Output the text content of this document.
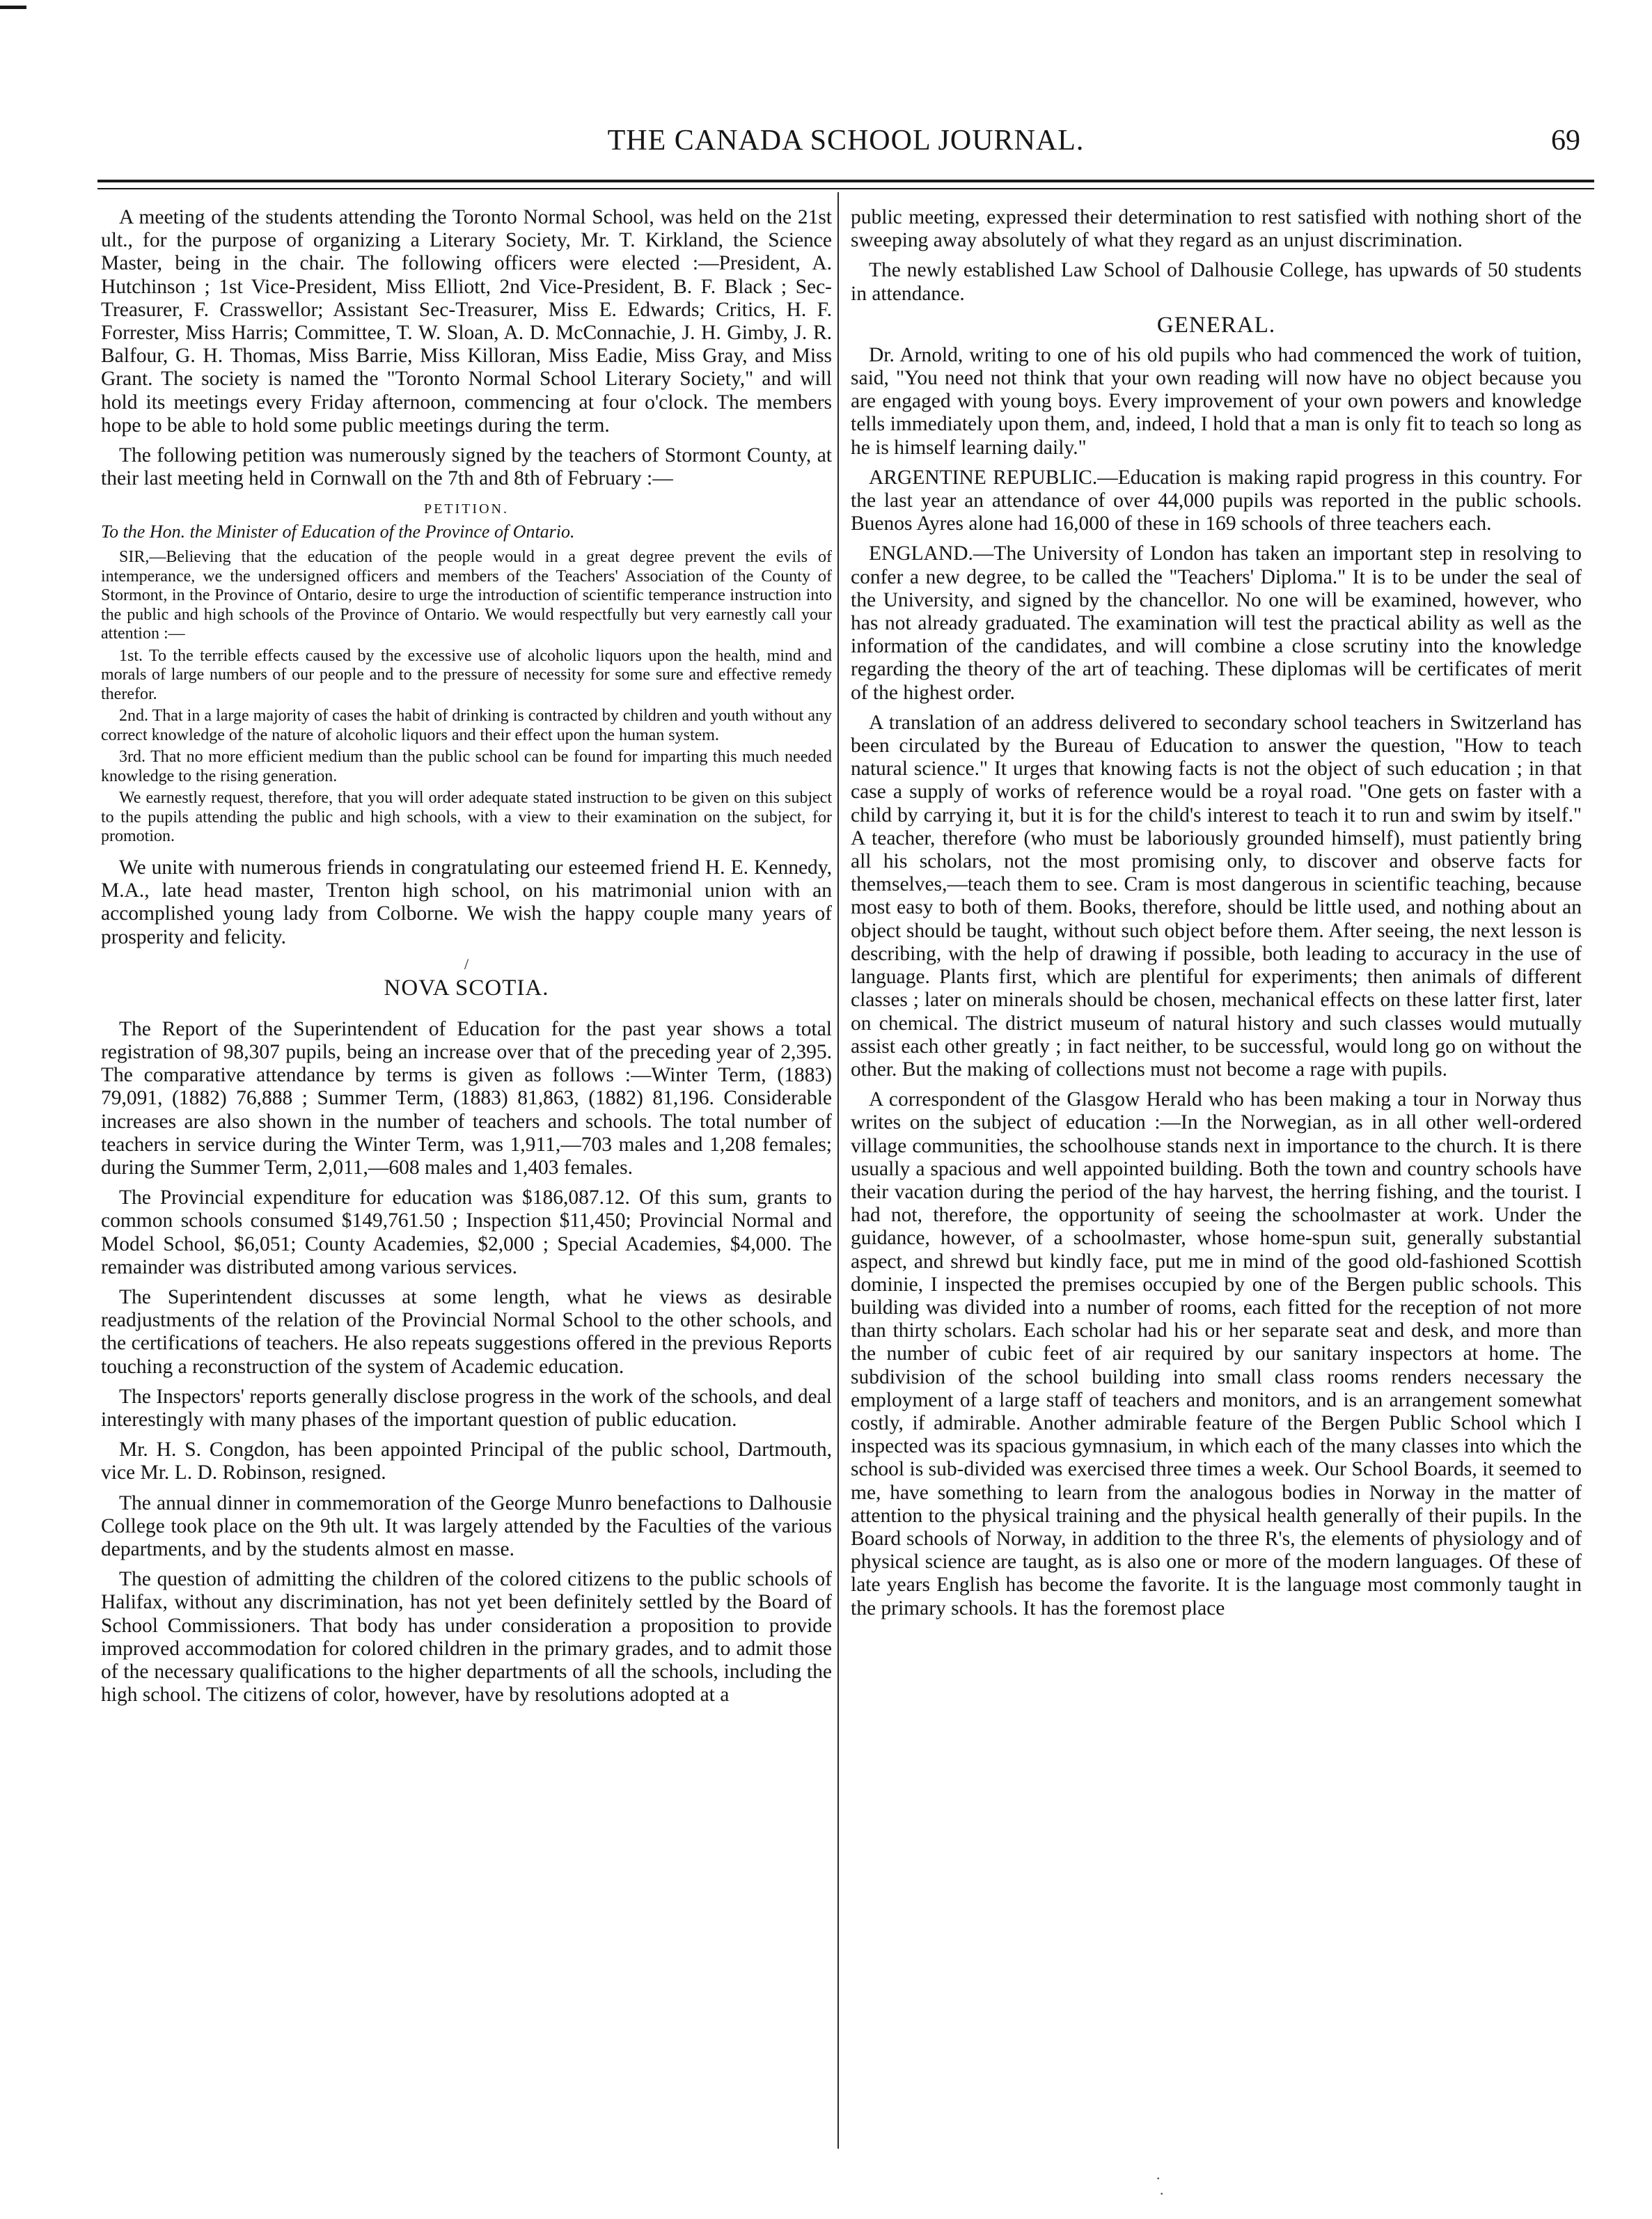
THE CANADA SCHOOL JOURNAL.	69

A meeting of the students attending the Toronto Normal School, was held on the 21st ult., for the purpose of organizing a Literary Society, Mr. T. Kirkland, the Science Master, being in the chair. The following officers were elected :—President, A. Hutchinson ; 1st Vice-President, Miss Elliott, 2nd Vice-President, B. F. Black ; Sec-Treasurer, F. Crasswellor; Assistant Sec-Treasurer, Miss E. Edwards; Critics, H. F. Forrester, Miss Harris; Committee, T. W. Sloan, A. D. McConnachie, J. H. Gimby, J. R. Balfour, G. H. Thomas, Miss Barrie, Miss Killoran, Miss Eadie, Miss Gray, and Miss Grant. The society is named the "Toronto Normal School Literary Society," and will hold its meetings every Friday afternoon, commencing at four o'clock. The members hope to be able to hold some public meetings during the term.

The following petition was numerously signed by the teachers of Stormont County, at their last meeting held in Cornwall on the 7th and 8th of February :—

PETITION.

To the Hon. the Minister of Education of the Province of Ontario.

SIR,—Believing that the education of the people would in a great degree prevent the evils of intemperance, we the undersigned officers and members of the Teachers' Association of the County of Stormont, in the Province of Ontario, desire to urge the introduction of scientific temperance instruction into the public and high schools of the Province of Ontario. We would respectfully but very earnestly call your attention :—

1st. To the terrible effects caused by the excessive use of alcoholic liquors upon the health, mind and morals of large numbers of our people and to the pressure of necessity for some sure and effective remedy therefor.

2nd. That in a large majority of cases the habit of drinking is contracted by children and youth without any correct knowledge of the nature of alcoholic liquors and their effect upon the human system.

3rd. That no more efficient medium than the public school can be found for imparting this much needed knowledge to the rising generation.

We earnestly request, therefore, that you will order adequate stated instruction to be given on this subject to the pupils attending the public and high schools, with a view to their examination on the subject, for promotion.

We unite with numerous friends in congratulating our esteemed friend H. E. Kennedy, M.A., late head master, Trenton high school, on his matrimonial union with an accomplished young lady from Colborne. We wish the happy couple many years of prosperity and felicity.

/
NOVA SCOTIA.

The Report of the Superintendent of Education for the past year shows a total registration of 98,307 pupils, being an increase over that of the preceding year of 2,395. The comparative attendance by terms is given as follows :—Winter Term, (1883) 79,091, (1882) 76,888 ; Summer Term, (1883) 81,863, (1882) 81,196. Considerable increases are also shown in the number of teachers and schools. The total number of teachers in service during the Winter Term, was 1,911,—703 males and 1,208 females; during the Summer Term, 2,011,—608 males and 1,403 females.

The Provincial expenditure for education was $186,087.12. Of this sum, grants to common schools consumed $149,761.50 ; Inspection $11,450; Provincial Normal and Model School, $6,051; County Academies, $2,000 ; Special Academies, $4,000. The remainder was distributed among various services.

The Superintendent discusses at some length, what he views as desirable readjustments of the relation of the Provincial Normal School to the other schools, and the certifications of teachers. He also repeats suggestions offered in the previous Reports touching a reconstruction of the system of Academic education.

The Inspectors' reports generally disclose progress in the work of the schools, and deal interestingly with many phases of the important question of public education.

Mr. H. S. Congdon, has been appointed Principal of the public school, Dartmouth, vice Mr. L. D. Robinson, resigned.

The annual dinner in commemoration of the George Munro benefactions to Dalhousie College took place on the 9th ult. It was largely attended by the Faculties of the various departments, and by the students almost en masse.

The question of admitting the children of the colored citizens to the public schools of Halifax, without any discrimination, has not yet been definitely settled by the Board of School Commissioners. That body has under consideration a proposition to provide improved accommodation for colored children in the primary grades, and to admit those of the necessary qualifications to the higher departments of all the schools, including the high school. The citizens of color, however, have by resolutions adopted at a

public meeting, expressed their determination to rest satisfied with nothing short of the sweeping away absolutely of what they regard as an unjust discrimination.

The newly established Law School of Dalhousie College, has upwards of 50 students in attendance.

GENERAL.

Dr. Arnold, writing to one of his old pupils who had commenced the work of tuition, said, "You need not think that your own reading will now have no object because you are engaged with young boys. Every improvement of your own powers and knowledge tells immediately upon them, and, indeed, I hold that a man is only fit to teach so long as he is himself learning daily."

ARGENTINE REPUBLIC.—Education is making rapid progress in this country. For the last year an attendance of over 44,000 pupils was reported in the public schools. Buenos Ayres alone had 16,000 of these in 169 schools of three teachers each.

ENGLAND.—The University of London has taken an important step in resolving to confer a new degree, to be called the "Teachers' Diploma." It is to be under the seal of the University, and signed by the chancellor. No one will be examined, however, who has not already graduated. The examination will test the practical ability as well as the information of the candidates, and will combine a close scrutiny into the knowledge regarding the theory of the art of teaching. These diplomas will be certificates of merit of the highest order.

A translation of an address delivered to secondary school teachers in Switzerland has been circulated by the Bureau of Education to answer the question, "How to teach natural science." It urges that knowing facts is not the object of such education ; in that case a supply of works of reference would be a royal road. "One gets on faster with a child by carrying it, but it is for the child's interest to teach it to run and swim by itself." A teacher, therefore (who must be laboriously grounded himself), must patiently bring all his scholars, not the most promising only, to discover and observe facts for themselves,—teach them to see. Cram is most dangerous in scientific teaching, because most easy to both of them. Books, therefore, should be little used, and nothing about an object should be taught, without such object before them. After seeing, the next lesson is describing, with the help of drawing if possible, both leading to accuracy in the use of language. Plants first, which are plentiful for experiments; then animals of different classes ; later on minerals should be chosen, mechanical effects on these latter first, later on chemical. The district museum of natural history and such classes would mutually assist each other greatly ; in fact neither, to be successful, would long go on without the other. But the making of collections must not become a rage with pupils.

A correspondent of the Glasgow Herald who has been making a tour in Norway thus writes on the subject of education :—In the Norwegian, as in all other well-ordered village communities, the schoolhouse stands next in importance to the church. It is there usually a spacious and well appointed building. Both the town and country schools have their vacation during the period of the hay harvest, the herring fishing, and the tourist. I had not, therefore, the opportunity of seeing the schoolmaster at work. Under the guidance, however, of a schoolmaster, whose home-spun suit, generally substantial aspect, and shrewd but kindly face, put me in mind of the good old-fashioned Scottish dominie, I inspected the premises occupied by one of the Bergen public schools. This building was divided into a number of rooms, each fitted for the reception of not more than thirty scholars. Each scholar had his or her separate seat and desk, and more than the number of cubic feet of air required by our sanitary inspectors at home. The subdivision of the school building into small class rooms renders necessary the employment of a large staff of teachers and monitors, and is an arrangement somewhat costly, if admirable. Another admirable feature of the Bergen Public School which I inspected was its spacious gymnasium, in which each of the many classes into which the school is sub-divided was exercised three times a week. Our School Boards, it seemed to me, have something to learn from the analogous bodies in Norway in the matter of attention to the physical training and the physical health generally of their pupils. In the Board schools of Norway, in addition to the three R's, the elements of physiology and of physical science are taught, as is also one or more of the modern languages. Of these of late years English has become the favorite. It is the language most commonly taught in the primary schools. It has the foremost place

·
·
